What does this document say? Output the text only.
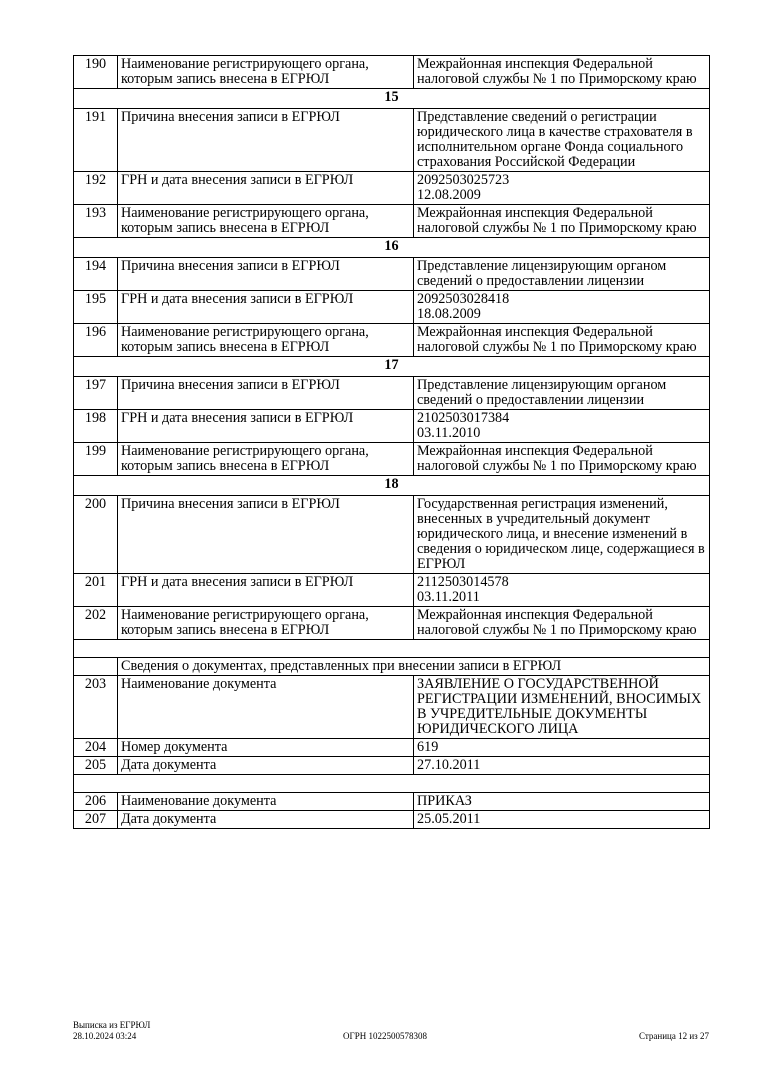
190	Наименование регистрирующего органа, которым запись внесена в ЕГРЮЛ	Межрайонная инспекция Федеральной налоговой службы № 1 по Приморскому краю
15		
191	Причина внесения записи в ЕГРЮЛ	Представление сведений о регистрации юридического лица в качестве страхователя в исполнительном органе Фонда социального страхования Российской Федерации
192	ГРН и дата внесения записи в ЕГРЮЛ	2092503025723
12.08.2009
193	Наименование регистрирующего органа, которым запись внесена в ЕГРЮЛ	Межрайонная инспекция Федеральной налоговой службы № 1 по Приморскому краю
16		
194	Причина внесения записи в ЕГРЮЛ	Представление лицензирующим органом сведений о предоставлении лицензии
195	ГРН и дата внесения записи в ЕГРЮЛ	2092503028418
18.08.2009
196	Наименование регистрирующего органа, которым запись внесена в ЕГРЮЛ	Межрайонная инспекция Федеральной налоговой службы № 1 по Приморскому краю
17		
197	Причина внесения записи в ЕГРЮЛ	Представление лицензирующим органом сведений о предоставлении лицензии
198	ГРН и дата внесения записи в ЕГРЮЛ	2102503017384
03.11.2010
199	Наименование регистрирующего органа, которым запись внесена в ЕГРЮЛ	Межрайонная инспекция Федеральной налоговой службы № 1 по Приморскому краю
18		
200	Причина внесения записи в ЕГРЮЛ	Государственная регистрация изменений, внесенных в учредительный документ юридического лица, и внесение изменений в сведения о юридическом лице, содержащиеся в ЕГРЮЛ
201	ГРН и дата внесения записи в ЕГРЮЛ	2112503014578
03.11.2011
202	Наименование регистрирующего органа, которым запись внесена в ЕГРЮЛ	Межрайонная инспекция Федеральной налоговой службы № 1 по Приморскому краю

	Сведения о документах, представленных при внесении записи в ЕГРЮЛ	
203	Наименование документа	ЗАЯВЛЕНИЕ О ГОСУДАРСТВЕННОЙ РЕГИСТРАЦИИ ИЗМЕНЕНИЙ, ВНОСИМЫХ В УЧРЕДИТЕЛЬНЫЕ ДОКУМЕНТЫ ЮРИДИЧЕСКОГО ЛИЦА
204	Номер документа	619
205	Дата документа	27.10.2011

206	Наименование документа	ПРИКАЗ
207	Дата документа	25.05.2011
Выписка из ЕГРЮЛ
28.10.2024 03:24	ОГРН 1022500578308	Страница 12 из 27
